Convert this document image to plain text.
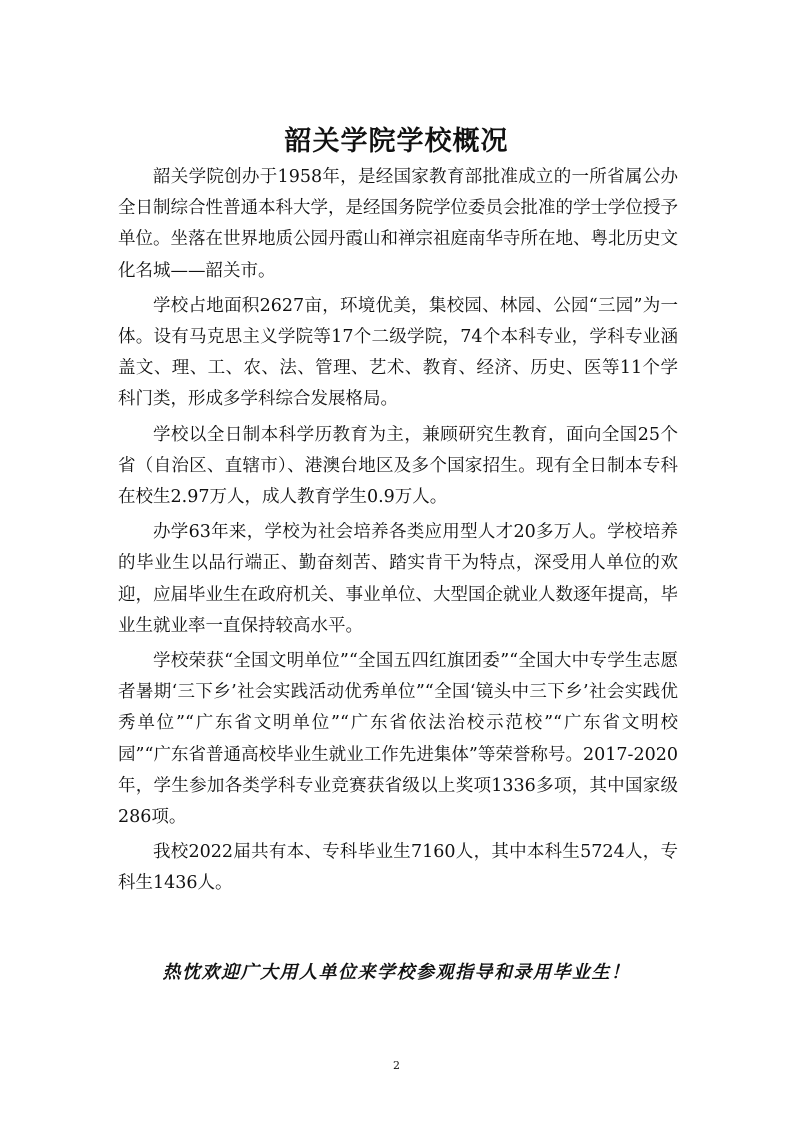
韶关学院学校概况

韶关学院创办于1958年，是经国家教育部批准成立的一所省属公办全日制综合性普通本科大学，是经国务院学位委员会批准的学士学位授予单位。坐落在世界地质公园丹霞山和禅宗祖庭南华寺所在地、粤北历史文化名城——韶关市。

学校占地面积2627亩，环境优美，集校园、林园、公园“三园”为一体。设有马克思主义学院等17个二级学院，74个本科专业，学科专业涵盖文、理、工、农、法、管理、艺术、教育、经济、历史、医等11个学科门类，形成多学科综合发展格局。

学校以全日制本科学历教育为主，兼顾研究生教育，面向全国25个省（自治区、直辖市）、港澳台地区及多个国家招生。现有全日制本专科在校生2.97万人，成人教育学生0.9万人。

办学63年来，学校为社会培养各类应用型人才20多万人。学校培养的毕业生以品行端正、勤奋刻苦、踏实肯干为特点，深受用人单位的欢迎，应届毕业生在政府机关、事业单位、大型国企就业人数逐年提高，毕业生就业率一直保持较高水平。

学校荣获“全国文明单位”“全国五四红旗团委”“全国大中专学生志愿者暑期‘三下乡’社会实践活动优秀单位”“全国‘镜头中三下乡’社会实践优秀单位”“广东省文明单位”“广东省依法治校示范校”“广东省文明校园”“广东省普通高校毕业生就业工作先进集体”等荣誉称号。2017-2020年，学生参加各类学科专业竞赛获省级以上奖项1336多项，其中国家级286项。

我校2022届共有本、专科毕业生7160人，其中本科生5724人，专科生1436人。

热忱欢迎广大用人单位来学校参观指导和录用毕业生！
2
